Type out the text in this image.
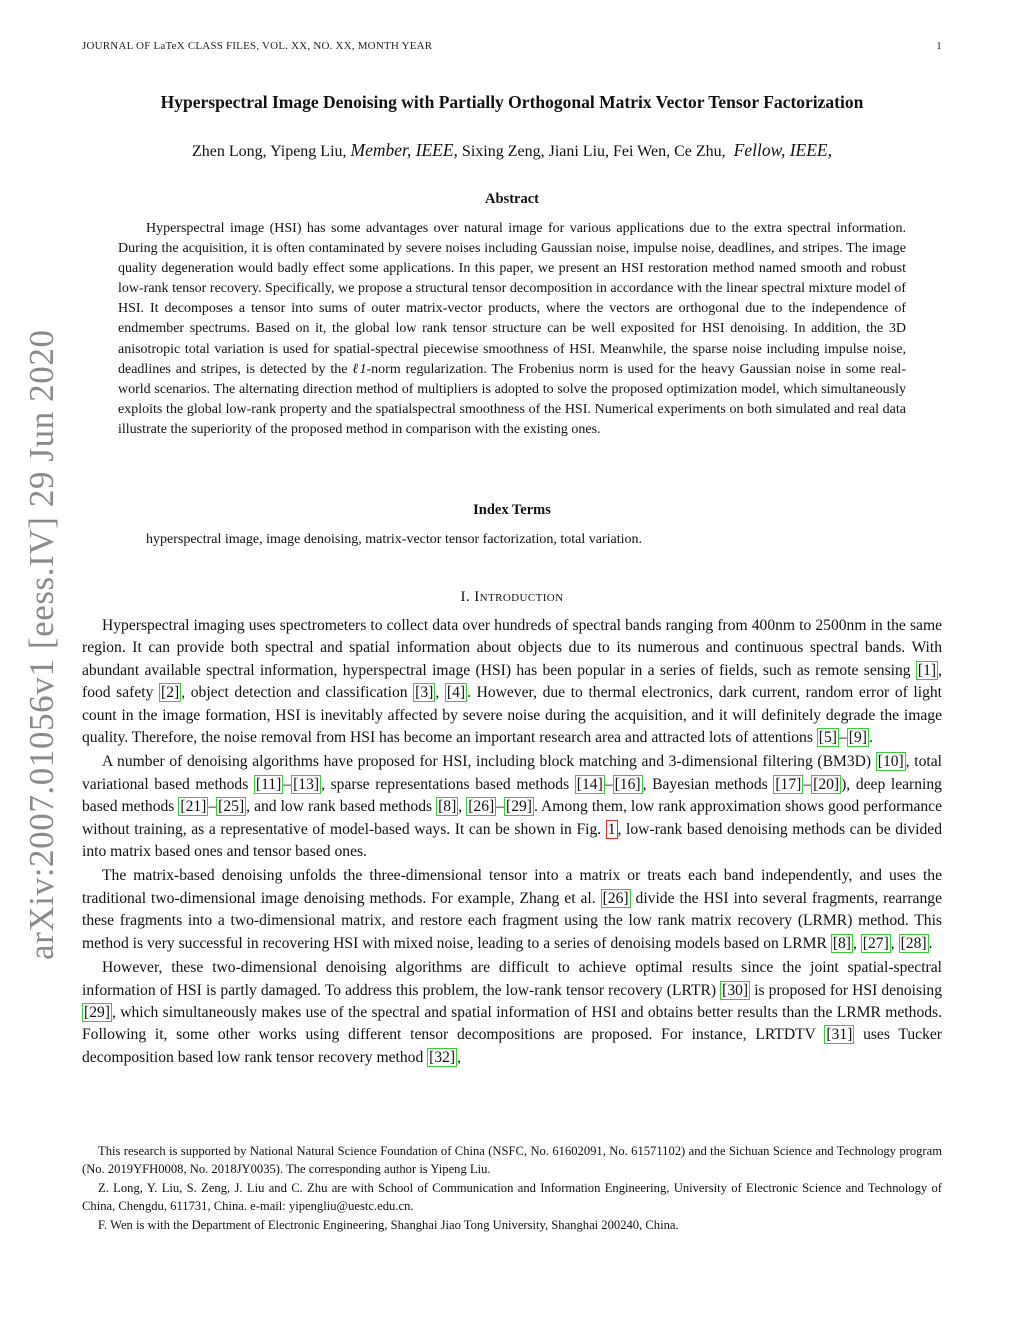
JOURNAL OF LaTeX CLASS FILES, VOL. XX, NO. XX, MONTH YEAR	1
arXiv:2007.01056v1 [eess.IV] 29 Jun 2020
Hyperspectral Image Denoising with Partially Orthogonal Matrix Vector Tensor Factorization
Zhen Long, Yipeng Liu, Member, IEEE, Sixing Zeng, Jiani Liu, Fei Wen, Ce Zhu, Fellow, IEEE,
Abstract

Hyperspectral image (HSI) has some advantages over natural image for various applications due to the extra spectral information. During the acquisition, it is often contaminated by severe noises including Gaussian noise, impulse noise, deadlines, and stripes. The image quality degeneration would badly effect some applications. In this paper, we present an HSI restoration method named smooth and robust low-rank tensor recovery. Specifically, we propose a structural tensor decomposition in accordance with the linear spectral mixture model of HSI. It decomposes a tensor into sums of outer matrix-vector products, where the vectors are orthogonal due to the independence of endmember spectrums. Based on it, the global low rank tensor structure can be well exposited for HSI denoising. In addition, the 3D anisotropic total variation is used for spatial-spectral piecewise smoothness of HSI. Meanwhile, the sparse noise including impulse noise, deadlines and stripes, is detected by the ℓ1-norm regularization. The Frobenius norm is used for the heavy Gaussian noise in some real-world scenarios. The alternating direction method of multipliers is adopted to solve the proposed optimization model, which simultaneously exploits the global low-rank property and the spatialspectral smoothness of the HSI. Numerical experiments on both simulated and real data illustrate the superiority of the proposed method in comparison with the existing ones.

Index Terms
hyperspectral image, image denoising, matrix-vector tensor factorization, total variation.
I. Introduction

Hyperspectral imaging uses spectrometers to collect data over hundreds of spectral bands ranging from 400nm to 2500nm in the same region. It can provide both spectral and spatial information about objects due to its numerous and continuous spectral bands. With abundant available spectral information, hyperspectral image (HSI) has been popular in a series of fields, such as remote sensing [1] , food safety [2] , object detection and classification [3] , [4] . However, due to thermal electronics, dark current, random error of light count in the image formation, HSI is inevitably affected by severe noise during the acquisition, and it will definitely degrade the image quality. Therefore, the noise removal from HSI has become an important research area and attracted lots of attentions [5] – [9] .

A number of denoising algorithms have proposed for HSI, including block matching and 3-dimensional filtering (BM3D) [10] , total variational based methods [11] – [13] , sparse representations based methods [14] – [16] , Bayesian methods [17] – [20] ), deep learning based methods [21] – [25] , and low rank based methods [8] , [26] – [29] . Among them, low rank approximation shows good performance without training, as a representative of model-based ways. It can be shown in Fig. 1 , low-rank based denoising methods can be divided into matrix based ones and tensor based ones.

The matrix-based denoising unfolds the three-dimensional tensor into a matrix or treats each band independently, and uses the traditional two-dimensional image denoising methods. For example, Zhang et al. [26] divide the HSI into several fragments, rearrange these fragments into a two-dimensional matrix, and restore each fragment using the low rank matrix recovery (LRMR) method. This method is very successful in recovering HSI with mixed noise, leading to a series of denoising models based on LRMR [8] , [27] , [28] .

However, these two-dimensional denoising algorithms are difficult to achieve optimal results since the joint spatial-spectral information of HSI is partly damaged. To address this problem, the low-rank tensor recovery (LRTR) [30] is proposed for HSI denoising [29] , which simultaneously makes use of the spectral and spatial information of HSI and obtains better results than the LRMR methods. Following it, some other works using different tensor decompositions are proposed. For instance, LRTDTV [31] uses Tucker decomposition based low rank tensor recovery method [32] ,

This research is supported by National Natural Science Foundation of China (NSFC, No. 61602091, No. 61571102) and the Sichuan Science and Technology program (No. 2019YFH0008, No. 2018JY0035). The corresponding author is Yipeng Liu.

Z. Long, Y. Liu, S. Zeng, J. Liu and C. Zhu are with School of Communication and Information Engineering, University of Electronic Science and Technology of China, Chengdu, 611731, China. e-mail: yipengliu@uestc.edu.cn.

F. Wen is with the Department of Electronic Engineering, Shanghai Jiao Tong University, Shanghai 200240, China.
